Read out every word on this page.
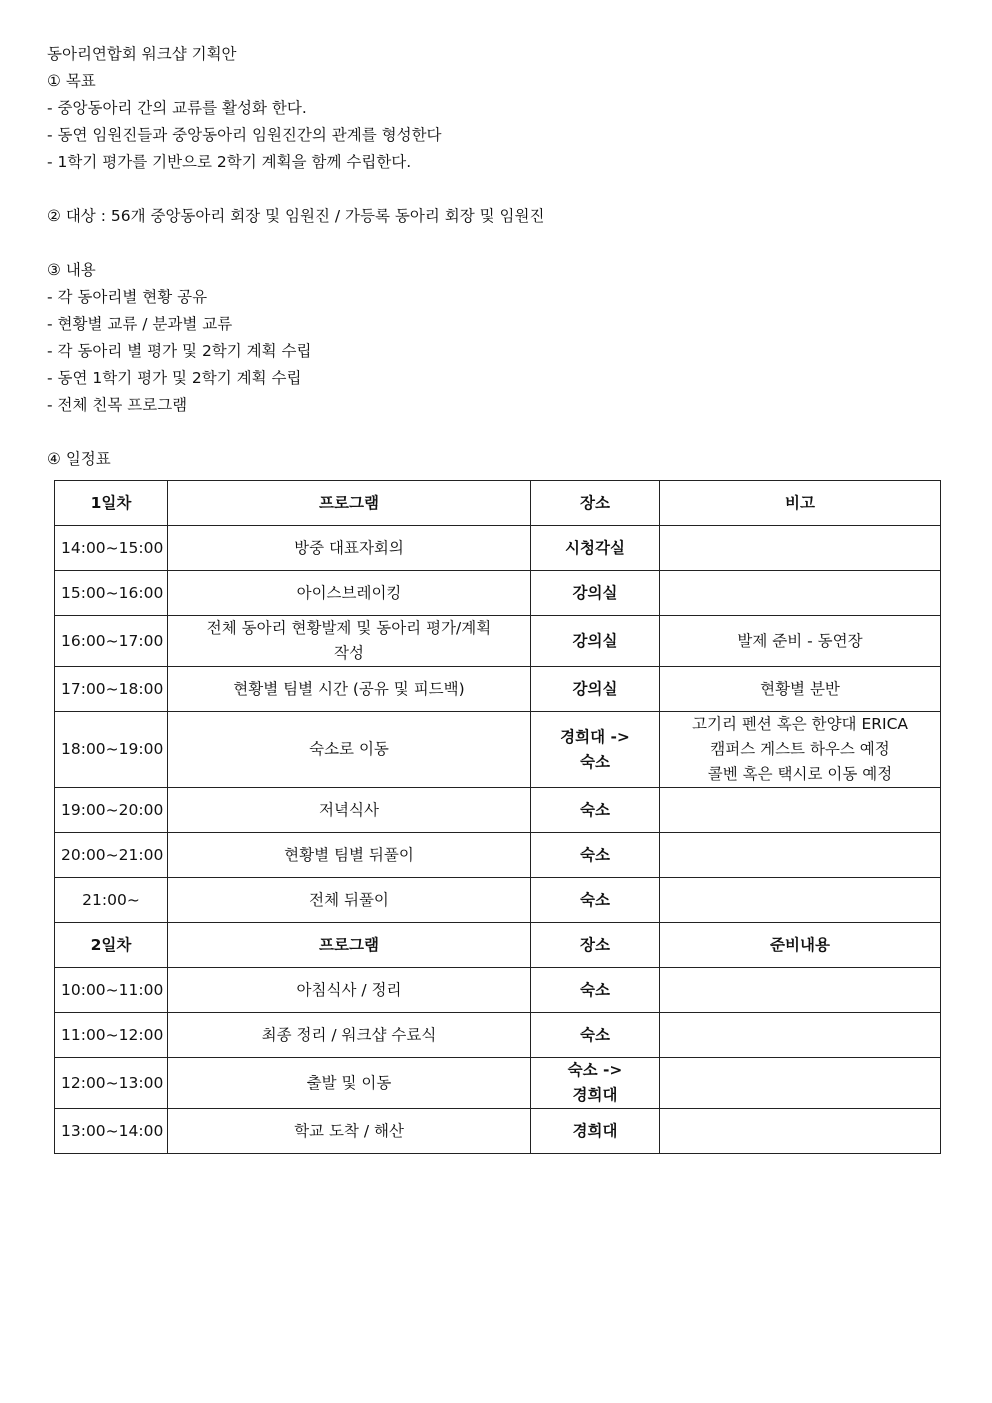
동아리연합회 워크샵 기획안
① 목표
- 중앙동아리 간의 교류를 활성화 한다.
- 동연 임원진들과 중앙동아리 임원진간의 관계를 형성한다
- 1학기 평가를 기반으로 2학기 계획을 함께 수립한다.
② 대상 : 56개 중앙동아리 회장 및 임원진 / 가등록 동아리 회장 및 임원진
③ 내용
- 각 동아리별 현황 공유
- 현황별 교류 / 분과별 교류
- 각 동아리 별 평가 및 2학기 계획 수립
- 동연 1학기 평가 및 2학기 계획 수립
- 전체 친목 프로그램
④ 일정표
1일차	프로그램	장소	비고
14:00~15:00	방중 대표자회의	시청각실	
15:00~16:00	아이스브레이킹	강의실	
16:00~17:00	전체 동아리 현황발제 및 동아리 평가/계획
작성	강의실	발제 준비 - 동연장
17:00~18:00	현황별 팀별 시간 (공유 및 피드백)	강의실	현황별 분반
18:00~19:00	숙소로 이동	경희대 ->
숙소	고기리 펜션 혹은 한양대 ERICA
캠퍼스 게스트 하우스 예정
콜벤 혹은 택시로 이동 예정

19:00~20:00	저녁식사	숙소	
20:00~21:00	현황별 팀별 뒤풀이	숙소	
21:00~	전체 뒤풀이	숙소	
2일차	프로그램	장소	준비내용
10:00~11:00	아침식사 / 정리	숙소	
11:00~12:00	최종 정리 / 워크샵 수료식	숙소	
12:00~13:00	출발 및 이동	숙소 ->
경희대	

13:00~14:00	학교 도착 / 해산	경희대	
